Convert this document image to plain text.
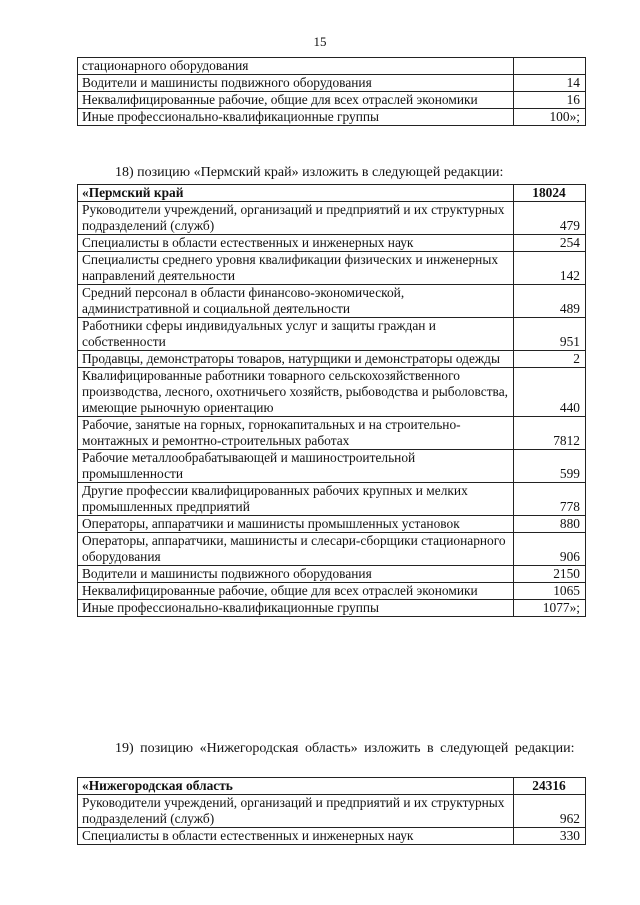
15
стационарного оборудования	
Водители и машинисты подвижного оборудования	14
Неквалифицированные рабочие, общие для всех отраслей экономики	16
Иные профессионально-квалификационные группы	100»;
18) позицию «Пермский край» изложить в следующей редакции:
«Пермский край	18024
Руководители учреждений, организаций и предприятий и их структурных подразделений (служб)	479
Специалисты в области естественных и инженерных наук	254
Специалисты среднего уровня квалификации физических и инженерных направлений деятельности	142
Средний персонал в области финансово-экономической, административной и социальной деятельности	489
Работники сферы индивидуальных услуг и защиты граждан и собственности	951
Продавцы, демонстраторы товаров, натурщики и демонстраторы одежды	2
Квалифицированные работники товарного сельскохозяйственного производства, лесного, охотничьего хозяйств, рыбоводства и рыболовства, имеющие рыночную ориентацию	440
Рабочие, занятые на горных, горнокапитальных и на строительно-монтажных и ремонтно-строительных работах	7812
Рабочие металлообрабатывающей и машиностроительной промышленности	599
Другие профессии квалифицированных рабочих крупных и мелких промышленных предприятий	778
Операторы, аппаратчики и машинисты промышленных установок	880
Операторы, аппаратчики, машинисты и слесари-сборщики стационарного оборудования	906
Водители и машинисты подвижного оборудования	2150
Неквалифицированные рабочие, общие для всех отраслей экономики	1065
Иные профессионально-квалификационные группы	1077»;
19) позицию «Нижегородская область» изложить в следующей редакции:
«Нижегородская область	24316
Руководители учреждений, организаций и предприятий и их структурных подразделений (служб)	962
Специалисты в области естественных и инженерных наук	330
